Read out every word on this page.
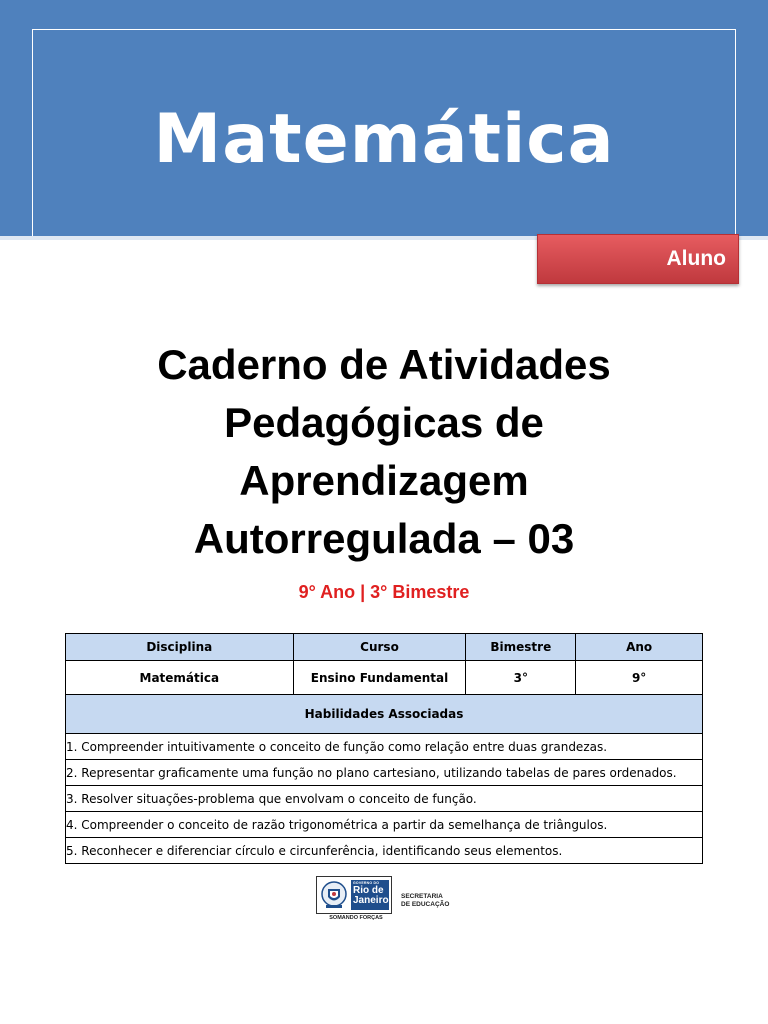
Matemática
Aluno
Caderno de Atividades
Pedagógicas de
Aprendizagem
Autorregulada – 03
9° Ano | 3° Bimestre
Disciplina	Curso	Bimestre	Ano
Matemática	Ensino Fundamental	3°	9°
Habilidades Associadas			
1. Compreender intuitivamente o conceito de função como relação entre duas grandezas.			
2. Representar graficamente uma função no plano cartesiano, utilizando tabelas de pares ordenados.			
3. Resolver situações-problema que envolvam o conceito de função.			
4. Compreender o conceito de razão trigonométrica a partir da semelhança de triângulos.			
5. Reconhecer e diferenciar círculo e circunferência, identificando seus elementos.			
GOVERNO DO
Rio de
Janeiro
SOMANDO FORÇAS
SECRETARIA
DE EDUCAÇÃO
